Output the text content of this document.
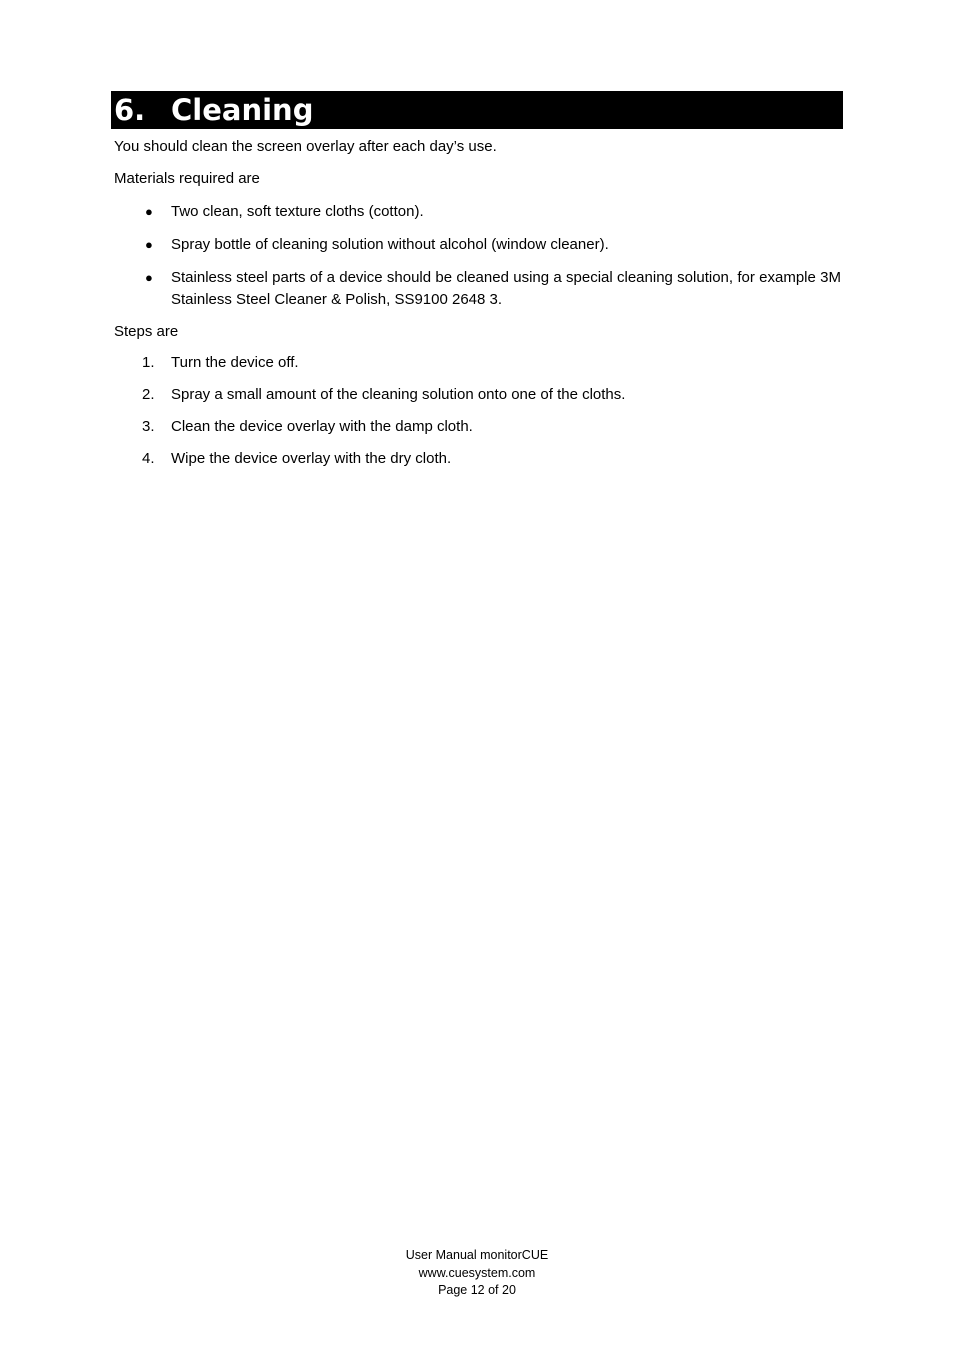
6. Cleaning
You should clean the screen overlay after each day’s use.
Materials required are
●	Two clean, soft texture cloths (cotton).
●	Spray bottle of cleaning solution without alcohol (window cleaner).
●	Stainless steel parts of a device should be cleaned using a special cleaning solution, for example 3M Stainless Steel Cleaner & Polish, SS9100 2648 3.
Steps are
1.	Turn the device off.
2.	Spray a small amount of the cleaning solution onto one of the cloths.
3.	Clean the device overlay with the damp cloth.
4.	Wipe the device overlay with the dry cloth.
User Manual monitorCUE
www.cuesystem.com
Page 12 of 20
